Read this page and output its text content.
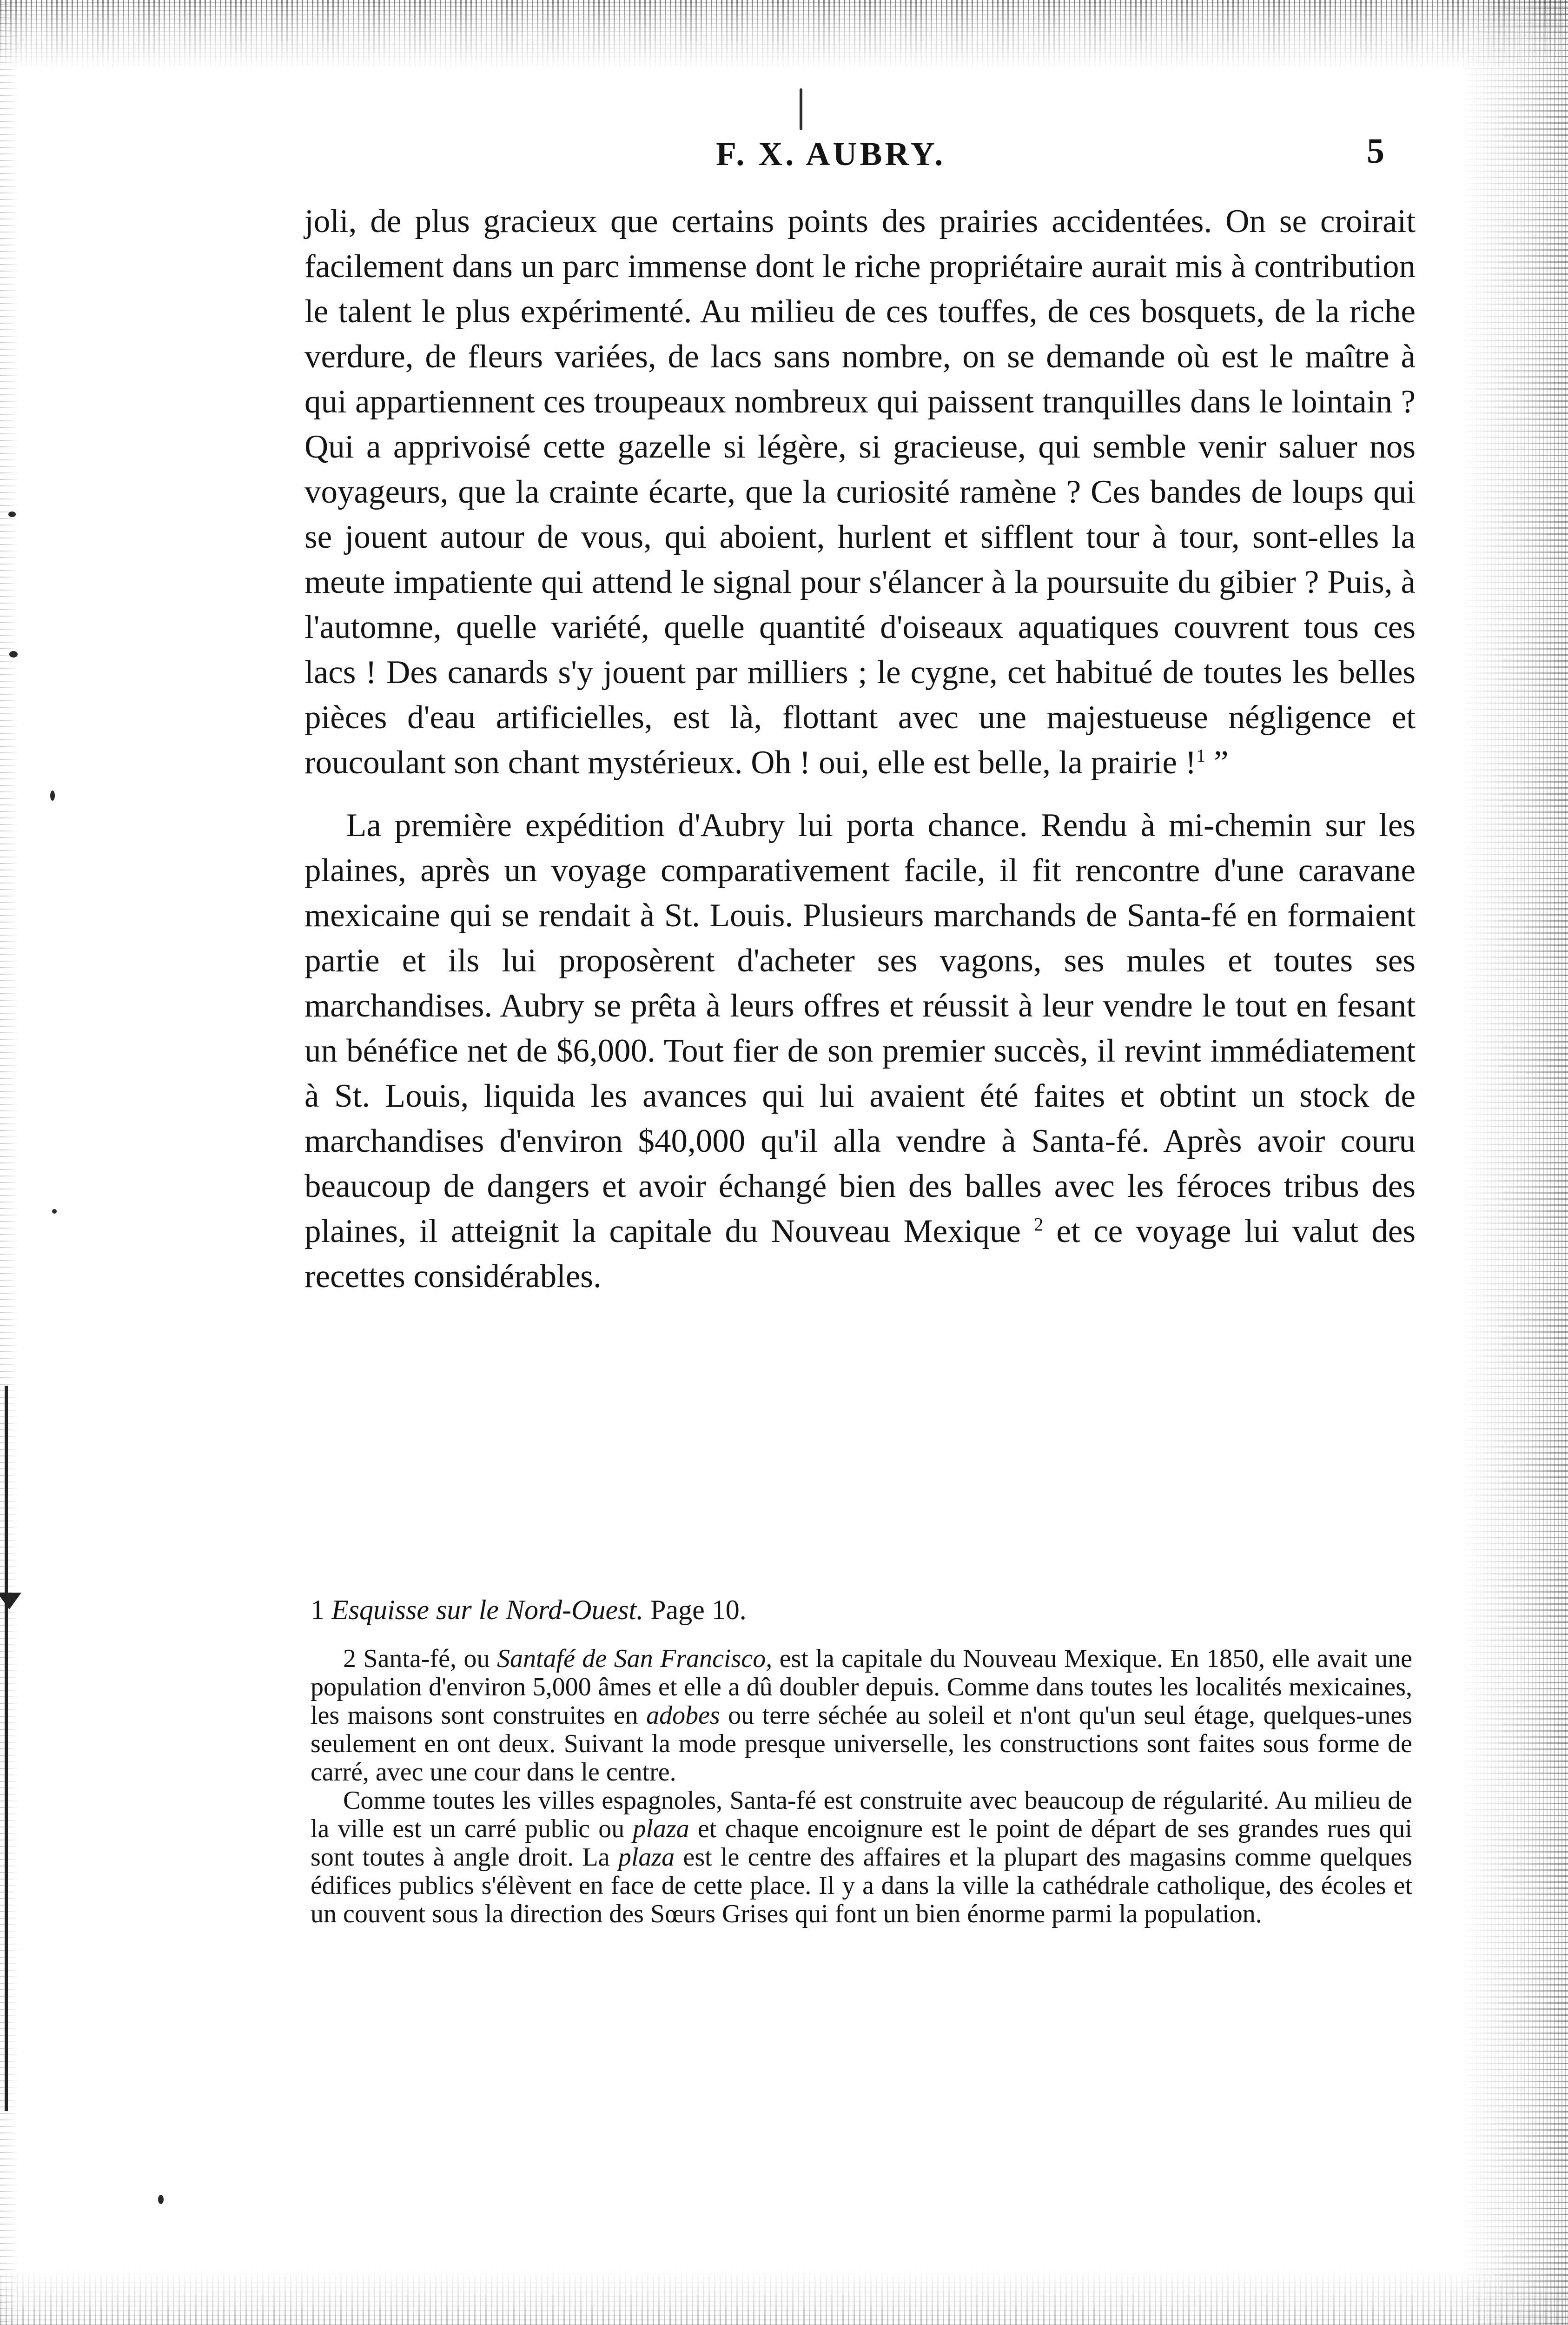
F. X. AUBRY.	5

joli, de plus gracieux que certains points des prairies accidentées. On se croirait facilement dans un parc immense dont le riche propriétaire aurait mis à contribution le talent le plus expérimenté. Au milieu de ces touffes, de ces bosquets, de la riche verdure, de fleurs variées, de lacs sans nombre, on se demande où est le maître à qui appartiennent ces troupeaux nombreux qui paissent tranquilles dans le lointain ? Qui a apprivoisé cette gazelle si légère, si gracieuse, qui semble venir saluer nos voyageurs, que la crainte écarte, que la curiosité ramène ? Ces bandes de loups qui se jouent autour de vous, qui aboient, hurlent et sifflent tour à tour, sont-elles la meute impatiente qui attend le signal pour s'élancer à la poursuite du gibier ? Puis, à l'automne, quelle variété, quelle quantité d'oiseaux aquatiques couvrent tous ces lacs ! Des canards s'y jouent par milliers ; le cygne, cet habitué de toutes les belles pièces d'eau artificielles, est là, flottant avec une majestueuse négligence et roucoulant son chant mystérieux. Oh ! oui, elle est belle, la prairie !$^1$ ”

La première expédition d'Aubry lui porta chance. Rendu à mi-chemin sur les plaines, après un voyage comparativement facile, il fit rencontre d'une caravane mexicaine qui se rendait à St. Louis. Plusieurs marchands de Santa-fé en formaient partie et ils lui proposèrent d'acheter ses vagons, ses mules et toutes ses marchandises. Aubry se prêta à leurs offres et réussit à leur vendre le tout en fesant un bénéfice net de $6,000. Tout fier de son premier succès, il revint immédiatement à St. Louis, liquida les avances qui lui avaient été faites et obtint un stock de marchandises d'environ $40,000 qu'il alla vendre à Santa-fé. Après avoir couru beaucoup de dangers et avoir échangé bien des balles avec les féroces tribus des plaines, il atteignit la capitale du Nouveau Mexique $^2$ et ce voyage lui valut des recettes considérables.

1 Esquisse sur le Nord-Ouest. Page 10.

2 Santa-fé, ou Santafé de San Francisco, est la capitale du Nouveau Mexique. En 1850, elle avait une population d'environ 5,000 âmes et elle a dû doubler depuis. Comme dans toutes les localités mexicaines, les maisons sont construites en adobes ou terre séchée au soleil et n'ont qu'un seul étage, quelques-unes seulement en ont deux. Suivant la mode presque universelle, les constructions sont faites sous forme de carré, avec une cour dans le centre.

Comme toutes les villes espagnoles, Santa-fé est construite avec beaucoup de régularité. Au milieu de la ville est un carré public ou plaza et chaque encoignure est le point de départ de ses grandes rues qui sont toutes à angle droit. La plaza est le centre des affaires et la plupart des magasins comme quelques édifices publics s'élèvent en face de cette place. Il y a dans la ville la cathédrale catholique, des écoles et un couvent sous la direction des Sœurs Grises qui font un bien énorme parmi la population.
